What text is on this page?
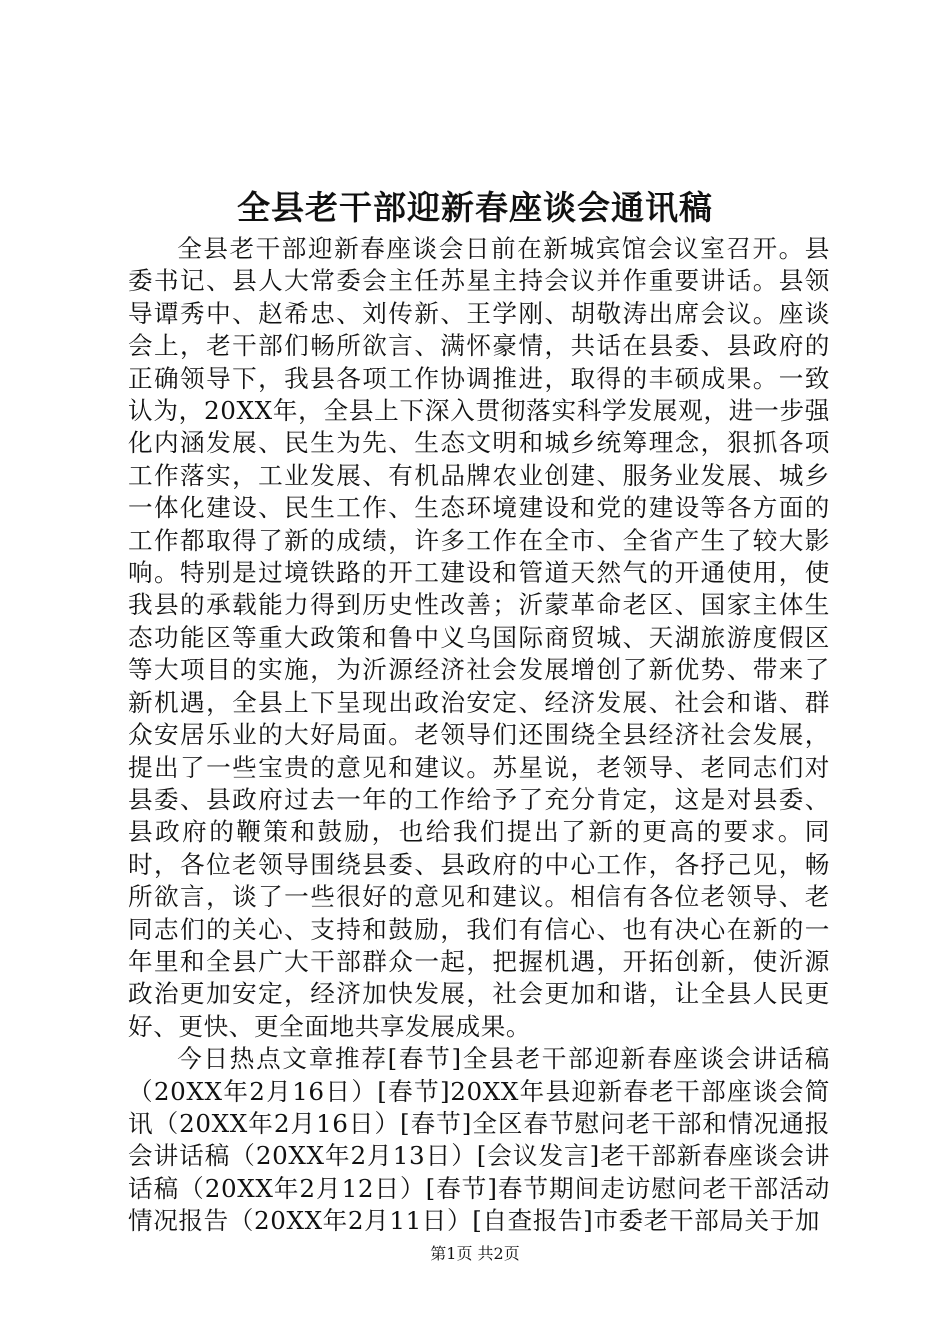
全县老干部迎新春座谈会通讯稿

全县老干部迎新春座谈会日前在新城宾馆会议室召开。县委书记、县人大常委会主任苏星主持会议并作重要讲话。县领导谭秀中、赵希忠、刘传新、王学刚、胡敬涛出席会议。座谈会上，老干部们畅所欲言、满怀豪情，共话在县委、县政府的正确领导下，我县各项工作协调推进，取得的丰硕成果。一致认为，20XX年，全县上下深入贯彻落实科学发展观，进一步强化内涵发展、民生为先、生态文明和城乡统筹理念，狠抓各项工作落实，工业发展、有机品牌农业创建、服务业发展、城乡一体化建设、民生工作、生态环境建设和党的建设等各方面的工作都取得了新的成绩，许多工作在全市、全省产生了较大影响。特别是过境铁路的开工建设和管道天然气的开通使用，使我县的承载能力得到历史性改善；沂蒙革命老区、国家主体生态功能区等重大政策和鲁中义乌国际商贸城、天湖旅游度假区等大项目的实施，为沂源经济社会发展增创了新优势、带来了新机遇，全县上下呈现出政治安定、经济发展、社会和谐、群众安居乐业的大好局面。老领导们还围绕全县经济社会发展，提出了一些宝贵的意见和建议。苏星说，老领导、老同志们对县委、县政府过去一年的工作给予了充分肯定，这是对县委、县政府的鞭策和鼓励，也给我们提出了新的更高的要求。同时，各位老领导围绕县委、县政府的中心工作，各抒己见，畅所欲言，谈了一些很好的意见和建议。相信有各位老领导、老同志们的关心、支持和鼓励，我们有信心、也有决心在新的一年里和全县广大干部群众一起，把握机遇，开拓创新，使沂源政治更加安定，经济加快发展，社会更加和谐，让全县人民更好、更快、更全面地共享发展成果。

今日热点文章推荐[春节]全县老干部迎新春座谈会讲话稿（20XX年2月16日）[春节]20XX年县迎新春老干部座谈会简讯（20XX年2月16日）[春节]全区春节慰问老干部和情况通报会讲话稿（20XX年2月13日）[会议发言]老干部新春座谈会讲话稿（20XX年2月12日）[春节]春节期间走访慰问老干部活动情况报告（20XX年2月11日）[自查报告]市委老干部局关于加

第1页 共2页
